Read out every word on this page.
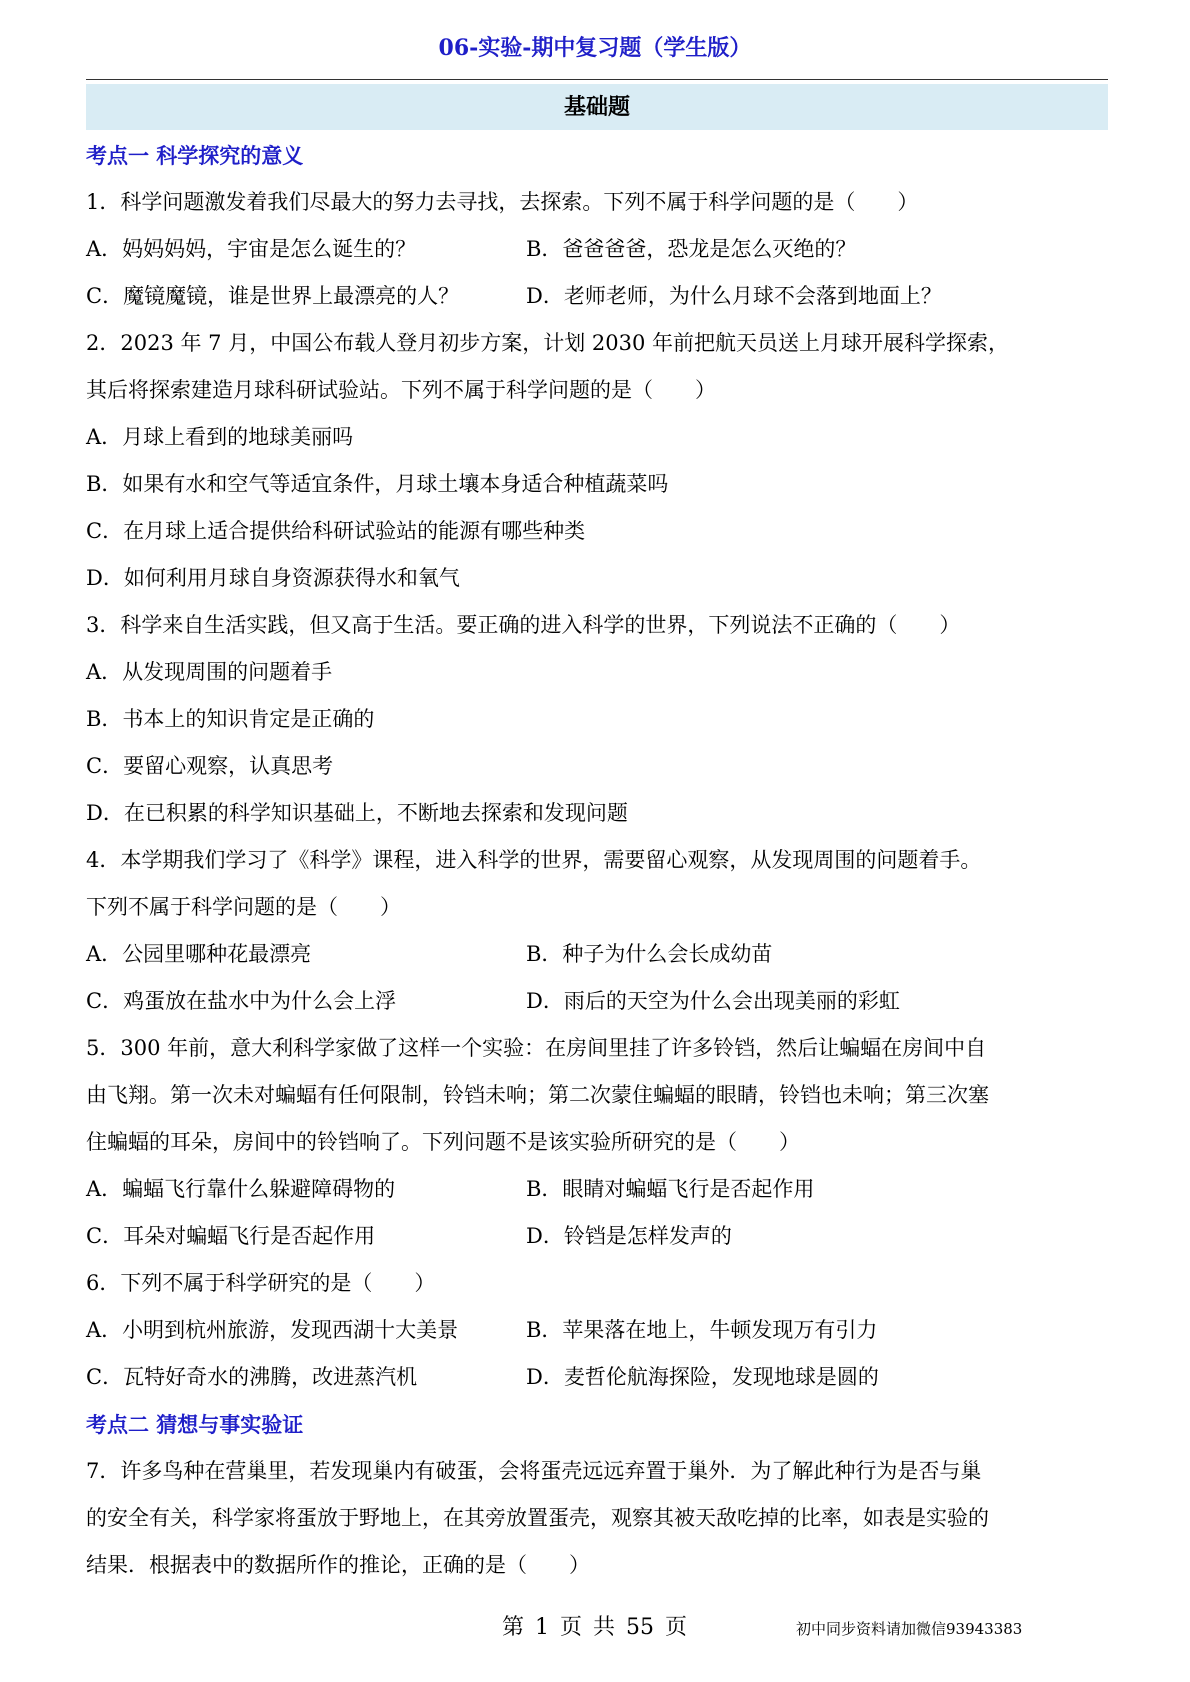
06-实验-期中复习题（学生版）
基础题
考点一 科学探究的意义
1．科学问题激发着我们尽最大的努力去寻找，去探索。下列不属于科学问题的是（　　）
A．妈妈妈妈，宇宙是怎么诞生的？	B．爸爸爸爸，恐龙是怎么灭绝的？
C．魔镜魔镜，谁是世界上最漂亮的人？	D．老师老师，为什么月球不会落到地面上？
2．2023 年 7 月，中国公布载人登月初步方案，计划 2030 年前把航天员送上月球开展科学探索，
其后将探索建造月球科研试验站。下列不属于科学问题的是（　　）
A．月球上看到的地球美丽吗
B．如果有水和空气等适宜条件，月球土壤本身适合种植蔬菜吗
C．在月球上适合提供给科研试验站的能源有哪些种类
D．如何利用月球自身资源获得水和氧气
3．科学来自生活实践，但又高于生活。要正确的进入科学的世界，下列说法不正确的（　　）
A．从发现周围的问题着手
B．书本上的知识肯定是正确的
C．要留心观察，认真思考
D．在已积累的科学知识基础上，不断地去探索和发现问题
4．本学期我们学习了《科学》课程，进入科学的世界，需要留心观察，从发现周围的问题着手。
下列不属于科学问题的是（　　）
A．公园里哪种花最漂亮	B．种子为什么会长成幼苗
C．鸡蛋放在盐水中为什么会上浮	D．雨后的天空为什么会出现美丽的彩虹
5．300 年前，意大利科学家做了这样一个实验：在房间里挂了许多铃铛，然后让蝙蝠在房间中自
由飞翔。第一次未对蝙蝠有任何限制，铃铛未响；第二次蒙住蝙蝠的眼睛，铃铛也未响；第三次塞
住蝙蝠的耳朵，房间中的铃铛响了。下列问题不是该实验所研究的是（　　）
A．蝙蝠飞行靠什么躲避障碍物的	B．眼睛对蝙蝠飞行是否起作用
C．耳朵对蝙蝠飞行是否起作用	D．铃铛是怎样发声的
6．下列不属于科学研究的是（　　）
A．小明到杭州旅游，发现西湖十大美景	B．苹果落在地上，牛顿发现万有引力
C．瓦特好奇水的沸腾，改进蒸汽机	D．麦哲伦航海探险，发现地球是圆的
考点二 猜想与事实验证
7．许多鸟种在营巢里，若发现巢内有破蛋，会将蛋壳远远弃置于巢外．为了解此种行为是否与巢
的安全有关，科学家将蛋放于野地上，在其旁放置蛋壳，观察其被天敌吃掉的比率，如表是实验的
结果．根据表中的数据所作的推论，正确的是（　　）
第 1 页 共 55 页	初中同步资料请加微信93943383
